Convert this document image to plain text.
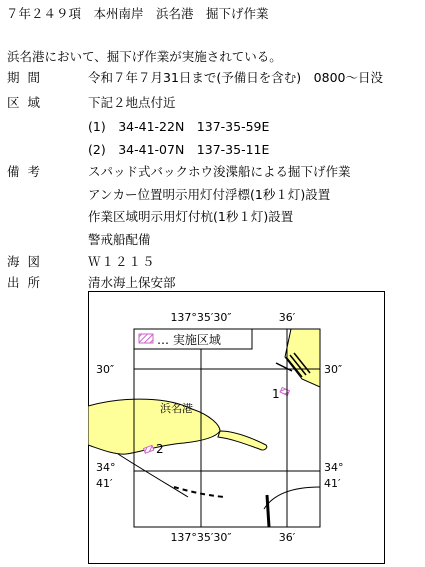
７年２４９項　本州南岸　浜名港　掘下げ作業
浜名港において、掘下げ作業が実施されている。
期間	令和７年７月31日まで(予備日を含む)　0800～日没
区域	下記２地点付近
(1)　34-41-22N　137-35-59E
(2)　34-41-07N　137-35-11E
備考	スパッド式バックホウ浚渫船による掘下げ作業
アンカー位置明示用灯付浮標(1秒１灯)設置
作業区域明示用灯付杭(1秒１灯)設置
警戒船配備
海図	Ｗ１２１５
出所	清水海上保安部
… 実施区域
137°35′30″	36′
137°35′30″	36′
30″	30″
34°
41′
34°
41′
浜名港
1
2
